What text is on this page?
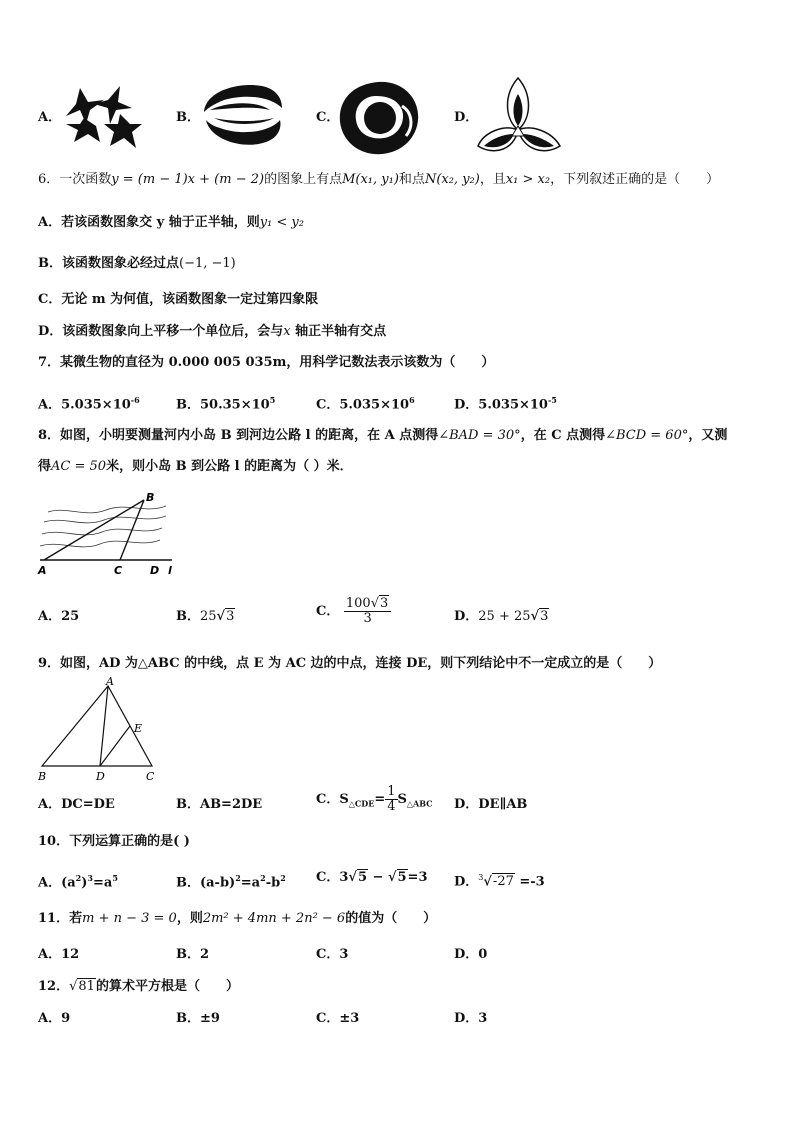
A．	B．	C．	D．
6．一次函数y = (m − 1)x + (m − 2)的图象上有点M(x₁, y₁)和点N(x₂, y₂)，且x₁ > x₂，下列叙述正确的是（　　）
A．若该函数图象交 y 轴于正半轴，则y₁ < y₂
B．该函数图象必经过点(−1, −1)
C．无论 m 为何值，该函数图象一定过第四象限
D．该函数图象向上平移一个单位后，会与x 轴正半轴有交点
7．某微生物的直径为 0.000 005 035m，用科学记数法表示该数为（　　）
A．$5.035\times 10^{-6}$	B．$50.35\times 10^5$	C．$5.035\times 10^6$	D．$5.035\times 10^{-5}$
8．如图，小明要测量河内小岛 B 到河边公路 l 的距离，在 A 点测得∠BAD = 30°，在 C 点测得∠BCD = 60°，又测
得AC = 50米，则小岛 B 到公路 l 的距离为（ ）米．
B
A	C	D l
A．25	B．25√3	C． $\frac{100√3}{3}$	D．25 + 25√3
9．如图，AD 为△ABC 的中线，点 E 为 AC 边的中点，连接 DE，则下列结论中不一定成立的是（　　）
A
E
B	D	C
A．DC=DE	B．AB=2DE	C．$S_{\triangle CDE}= \frac{1}{4} S_{\triangle ABC}$ D．DE∥AB
10．下列运算正确的是( )
A．$(a^2)^3=a^5$	B．$(a-b)^2=a^2-b^2$ C．3√5 − √5=3 D．$^3$√-27 =-3
11．若m + n − 3 = 0，则2m² + 4mn + 2n² − 6的值为（　　）
A．12	B．2	C．3	D．0
12．√81的算术平方根是（　　）
A．9	B．±9	C．±3	D．3
